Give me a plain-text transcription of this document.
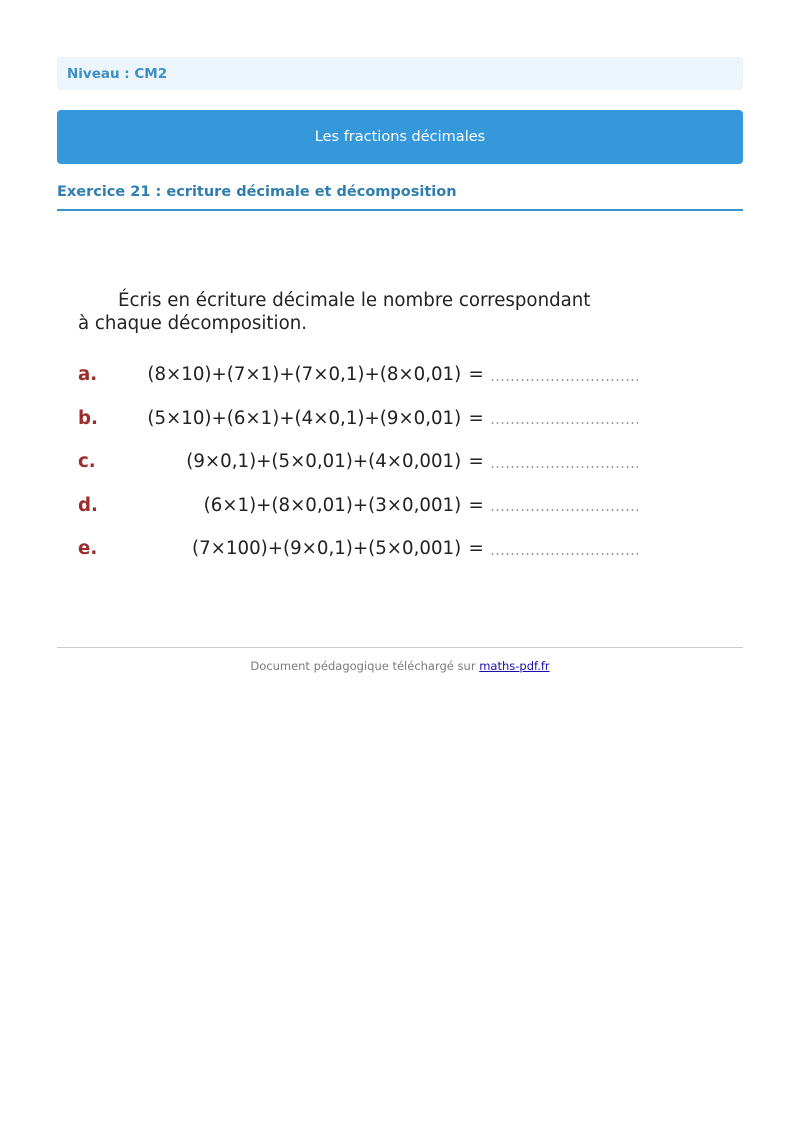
Niveau : CM2
Les fractions décimales
Exercice 21 : ecriture décimale et décomposition

Écris en écriture décimale le nombre correspondant
à chaque décomposition.

a.	(8×10)+(7×1)+(7×0,1)+(8×0,01) =
b.	(5×10)+(6×1)+(4×0,1)+(9×0,01) =
c.	(9×0,1)+(5×0,01)+(4×0,001) =
d.	(6×1)+(8×0,01)+(3×0,001) =
e.	(7×100)+(9×0,1)+(5×0,001) =
Document pédagogique téléchargé sur maths-pdf.fr
